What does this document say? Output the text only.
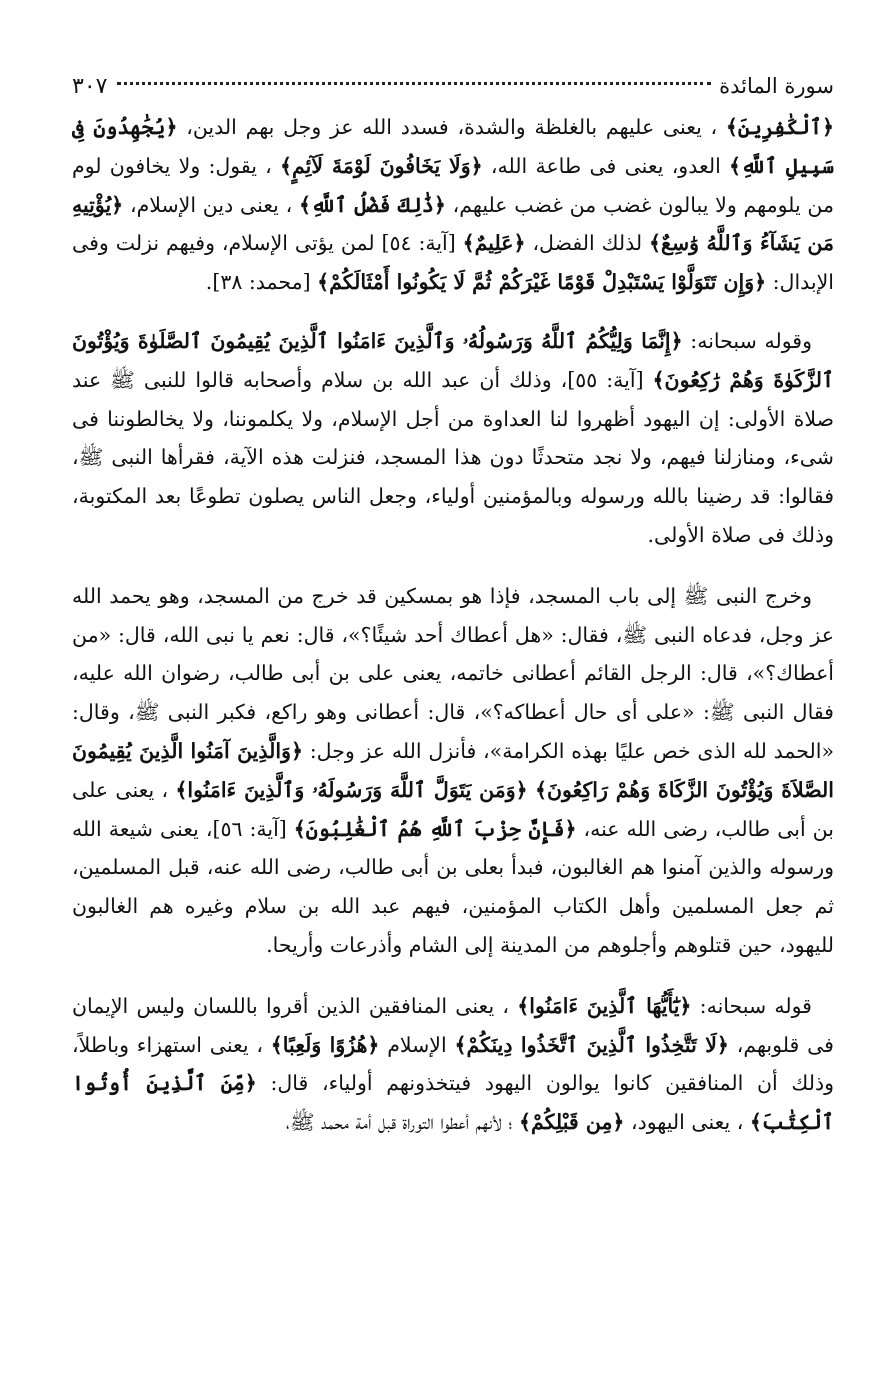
سورة المائدة
٣٠٧

﴿ٱلْكَٰفِرِينَ﴾ ، يعنى عليهم بالغلظة والشدة، فسدد الله عز وجل بهم الدين، ﴿يُجَٰهِدُونَ فِى سَبِيلِ ٱللَّهِ﴾ العدو، يعنى فى طاعة الله، ﴿وَلَا يَخَافُونَ لَوْمَةَ لَآئِمٍ﴾ ، يقول: ولا يخافون لوم من يلومهم ولا يبالون غضب من غضب عليهم، ﴿ذَٰلِكَ فَضْلُ ٱللَّهِ﴾ ، يعنى دين الإسلام، ﴿يُؤْتِيهِ مَن يَشَآءُ وَٱللَّهُ وَٰسِعٌ﴾ لذلك الفضل، ﴿عَلِيمٌ﴾ [آية: ٥٤] لمن يؤتى الإسلام، وفيهم نزلت وفى الإبدال: ﴿وَإِن تَتَوَلَّوْا يَسْتَبْدِلْ قَوْمًا غَيْرَكُمْ ثُمَّ لَا يَكُونُوا أَمْثَالَكُمْ﴾ [محمد: ٣٨].

وقوله سبحانه: ﴿إِنَّمَا وَلِيُّكُمُ ٱللَّهُ وَرَسُولُهُۥ وَٱلَّذِينَ ءَامَنُوا ٱلَّذِينَ يُقِيمُونَ ٱلصَّلَوٰةَ وَيُؤْتُونَ ٱلزَّكَوٰةَ وَهُمْ رَٰكِعُونَ﴾ [آية: ٥٥]، وذلك أن عبد الله بن سلام وأصحابه قالوا للنبى ﷺ عند صلاة الأولى: إن اليهود أظهروا لنا العداوة من أجل الإسلام، ولا يكلموننا، ولا يخالطوننا فى شىء، ومنازلنا فيهم، ولا نجد متحدثًا دون هذا المسجد، فنزلت هذه الآية، فقرأها النبى ﷺ، فقالوا: قد رضينا بالله ورسوله وبالمؤمنين أولياء، وجعل الناس يصلون تطوعًا بعد المكتوبة، وذلك فى صلاة الأولى.

وخرج النبى ﷺ إلى باب المسجد، فإذا هو بمسكين قد خرج من المسجد، وهو يحمد الله عز وجل، فدعاه النبى ﷺ، فقال: «هل أعطاك أحد شيئًا؟»، قال: نعم يا نبى الله، قال: «من أعطاك؟»، قال: الرجل القائم أعطانى خاتمه، يعنى على بن أبى طالب، رضوان الله عليه، فقال النبى ﷺ: «على أى حال أعطاكه؟»، قال: أعطانى وهو راكع، فكبر النبى ﷺ، وقال: «الحمد لله الذى خص عليًا بهذه الكرامة»، فأنزل الله عز وجل: ﴿وَالَّذِينَ آمَنُوا الَّذِينَ يُقِيمُونَ الصَّلاَةَ وَيُؤْتُونَ الزَّكَاةَ وَهُمْ رَاكِعُونَ﴾ ﴿وَمَن يَتَوَلَّ ٱللَّهَ وَرَسُولَهُۥ وَٱلَّذِينَ ءَامَنُوا﴾ ، يعنى على بن أبى طالب، رضى الله عنه، ﴿فَإِنَّ حِزْبَ ٱللَّهِ هُمُ ٱلْغَٰلِبُونَ﴾ [آية: ٥٦]، يعنى شيعة الله ورسوله والذين آمنوا هم الغالبون، فبدأ بعلى بن أبى طالب، رضى الله عنه، قبل المسلمين، ثم جعل المسلمين وأهل الكتاب المؤمنين، فيهم عبد الله بن سلام وغيره هم الغالبون لليهود، حين قتلوهم وأجلوهم من المدينة إلى الشام وأذرعات وأريحا.

قوله سبحانه: ﴿يَٰٓأَيُّهَا ٱلَّذِينَ ءَامَنُوا﴾ ، يعنى المنافقين الذين أقروا باللسان وليس الإيمان فى قلوبهم، ﴿لَا تَتَّخِذُوا ٱلَّذِينَ ٱتَّخَذُوا دِينَكُمْ﴾ الإسلام ﴿هُزُوًا وَلَعِبًا﴾ ، يعنى استهزاء وباطلاً، وذلك أن المنافقين كانوا يوالون اليهود فيتخذونهم أولياء، قال: ﴿مِّنَ ٱلَّذِينَ أُوتُوا ٱلْكِتَٰبَ﴾ ، يعنى اليهود، ﴿مِن قَبْلِكُمْ﴾ ؛ لأنهم أعطوا التوراة قبل أمة محمد ﷺ،
